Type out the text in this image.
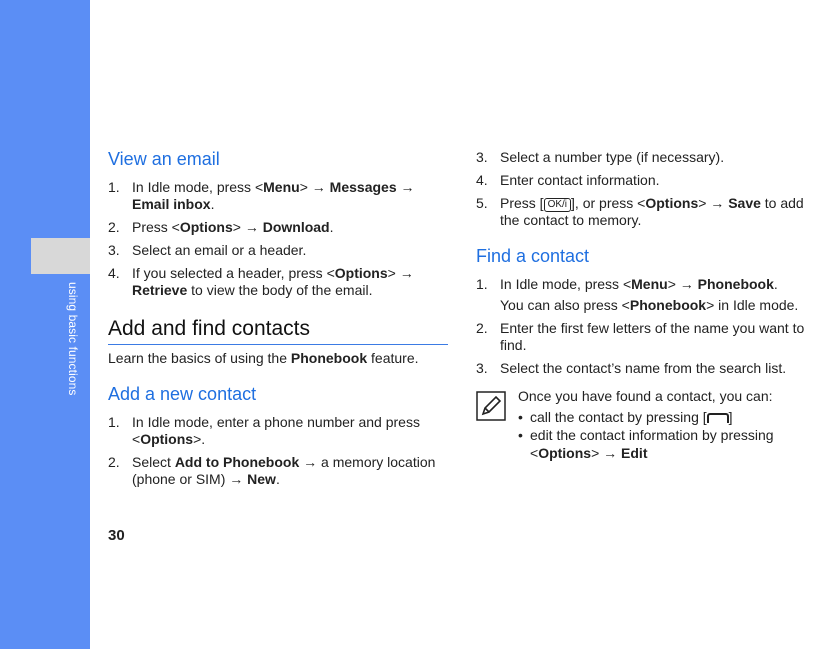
using basic functions
30
View an email
1. In Idle mode, press <Menu> → Messages → Email inbox.
2. Press <Options> → Download.
3. Select an email or a header.
4. If you selected a header, press <Options> → Retrieve to view the body of the email.
Add and find contacts
Learn the basics of using the Phonebook feature.
Add a new contact
1. In Idle mode, enter a phone number and press <Options>.
2. Select Add to Phonebook → a memory location (phone or SIM) → New.
3. Select a number type (if necessary).
4. Enter contact information.
5. Press [ OK/i ], or press <Options> → Save to add the contact to memory.
Find a contact
1. In Idle mode, press <Menu> → Phonebook.
You can also press <Phonebook> in Idle mode.
2. Enter the first few letters of the name you want to find.
3. Select the contact’s name from the search list.
Once you have found a contact, you can:
• call the contact by pressing [ ]
• edit the contact information by pressing <Options> → Edit
